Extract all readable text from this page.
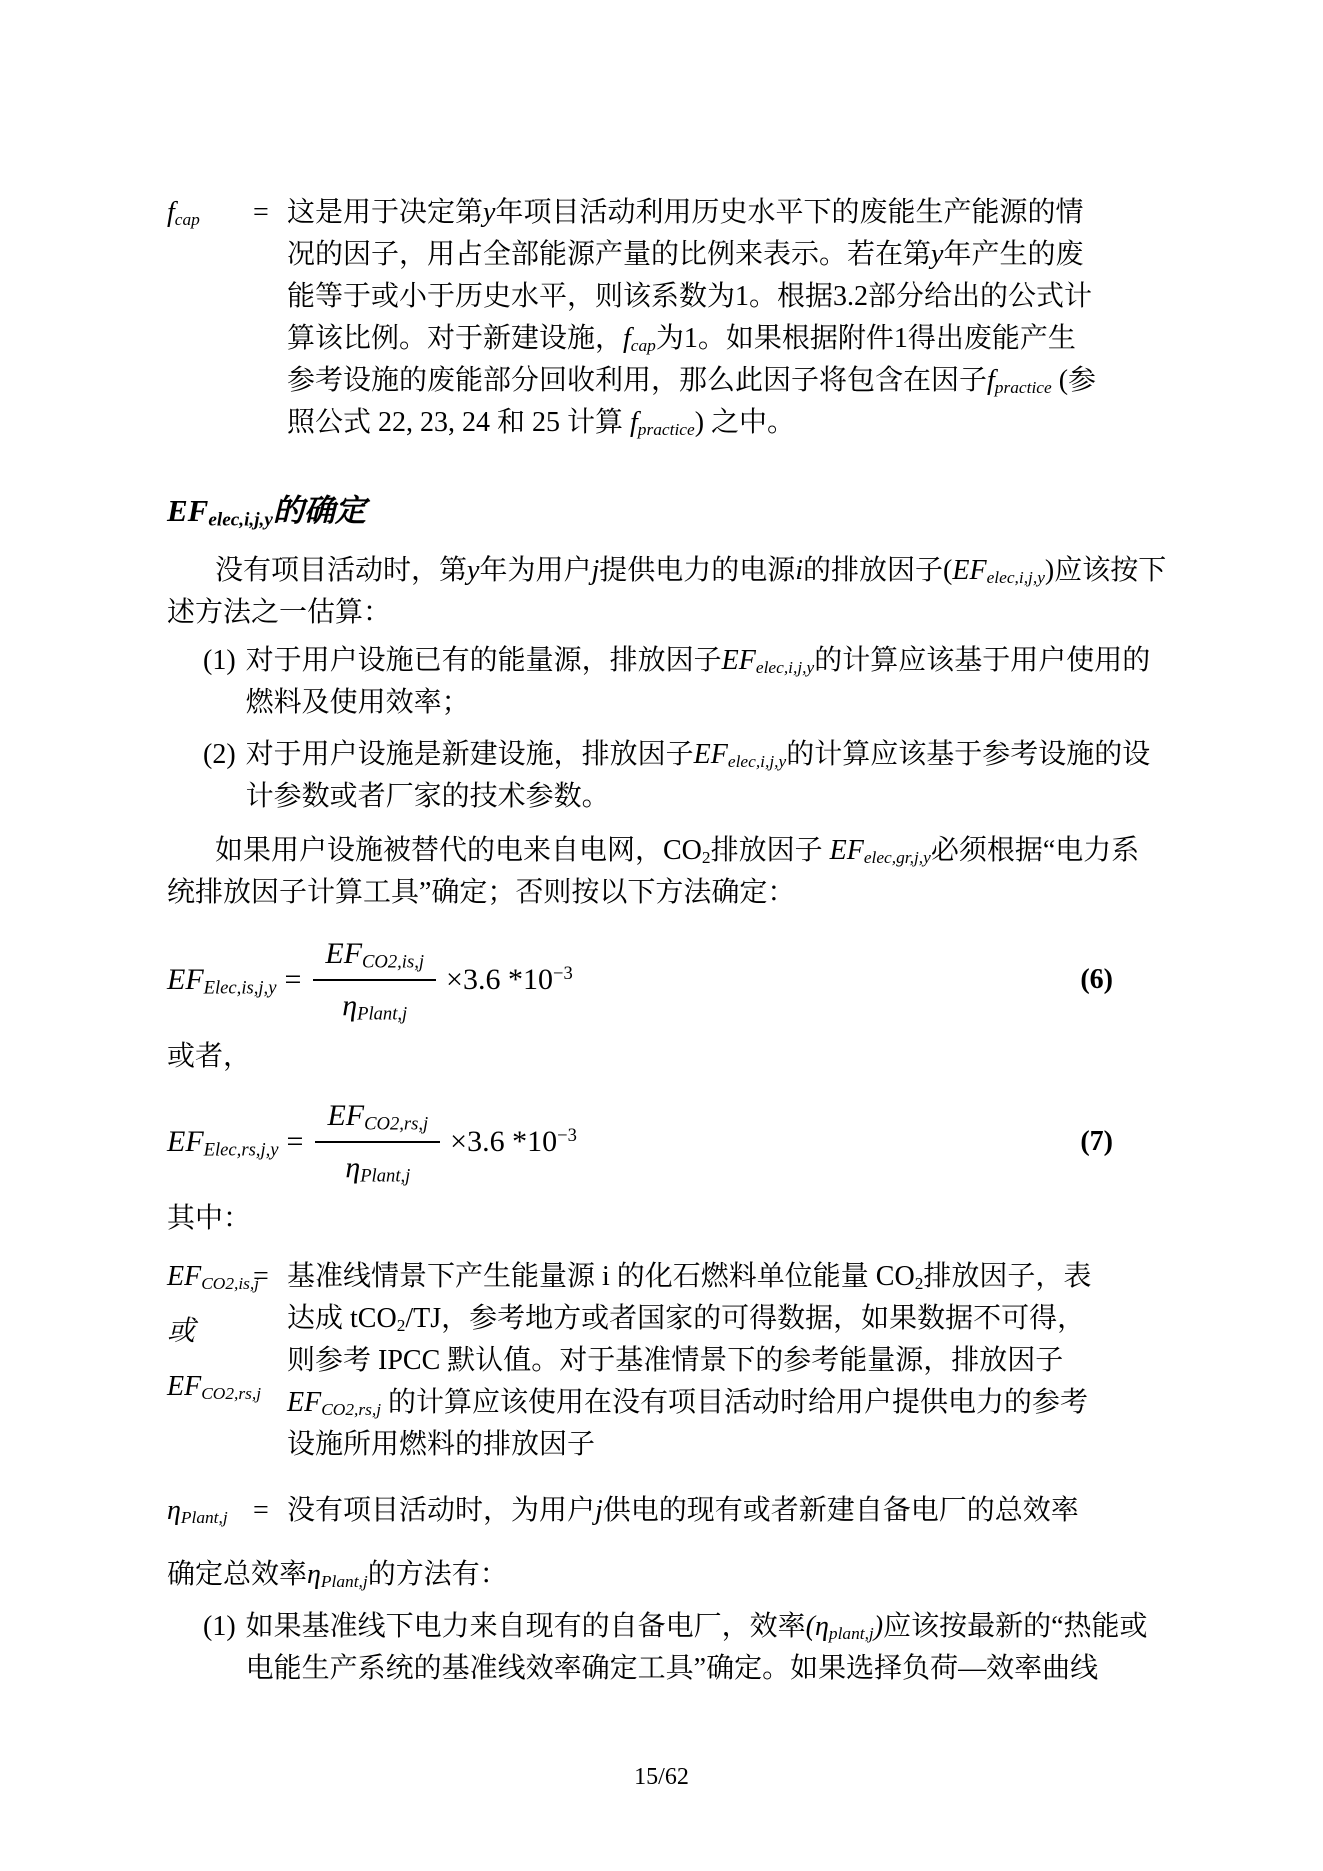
$f_{cap}$	= 这是用于决定第y年项目活动利用历史水平下的废能生产能源的情况的因子，用占全部能源产量的比例来表示。若在第y年产生的废能等于或小于历史水平，则该系数为1。根据3.2部分给出的公式计算该比例。对于新建设施，$f_{cap}$为1。如果根据附件1得出废能产生参考设施的废能部分回收利用，那么此因子将包含在因子$f_{practice}$ (参照公式 22, 23, 24 和 25 计算 $f_{practice}$) 之中。
$EF_{elec,i,j,y}$的确定

没有项目活动时，第y年为用户j提供电力的电源i的排放因子$(EF_{elec,i,j,y})$应该按下述方法之一估算：

(1) 对于用户设施已有的能量源，排放因子$EF_{elec,i,j,y}$的计算应该基于用户使用的燃料及使用效率；
(2) 对于用户设施是新建设施，排放因子$EF_{elec,i,j,y}$的计算应该基于参考设施的设计参数或者厂家的技术参数。

如果用户设施被替代的电来自电网，$CO_2$排放因子 $EF_{elec,gr,j,y}$必须根据“电力系统排放因子计算工具”确定；否则按以下方法确定：

$EF_{Elec,is,j,y} = \frac{EF_{CO2,is,j}}{\eta_{Plant,j}} \times 3.6$ $*10^{-3}$	(6)

或者，

$EF_{Elec,rs,j,y} = \frac{EF_{CO2,rs,j}}{\eta_{Plant,j}} \times 3.6$ $*10^{-3}$	(7)

其中：

$EF_{CO2,is,j}$
或
$EF_{CO2,rs,j}$
= 基准线情景下产生能量源 i 的化石燃料单位能量 $CO_2$排放因子，表达成 tCO$_2$/TJ，参考地方或者国家的可得数据，如果数据不可得，则参考 IPCC 默认值。对于基准情景下的参考能量源，排放因子 $EF_{CO2,rs,j}$ 的计算应该使用在没有项目活动时给用户提供电力的参考设施所用燃料的排放因子
$\eta_{Plant,j}$ = 没有项目活动时，为用户j供电的现有或者新建自备电厂的总效率

确定总效率$\eta_{Plant,j}$的方法有：

(1) 如果基准线下电力来自现有的自备电厂，效率$(\eta_{plant,j})$应该按最新的“热能或电能生产系统的基准线效率确定工具”确定。如果选择负荷—效率曲线
15/62
